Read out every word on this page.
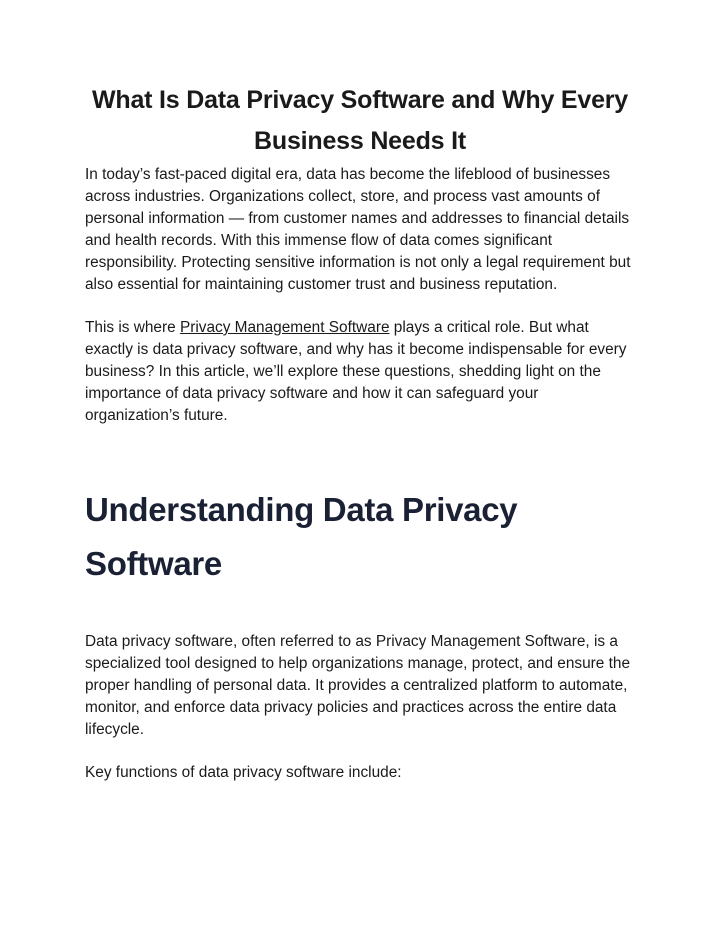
What Is Data Privacy Software and Why Every Business Needs It

In today’s fast-paced digital era, data has become the lifeblood of businesses across industries. Organizations collect, store, and process vast amounts of personal information — from customer names and addresses to financial details and health records. With this immense flow of data comes significant responsibility. Protecting sensitive information is not only a legal requirement but also essential for maintaining customer trust and business reputation.

This is where Privacy Management Software plays a critical role. But what exactly is data privacy software, and why has it become indispensable for every business? In this article, we’ll explore these questions, shedding light on the importance of data privacy software and how it can safeguard your organization’s future.

Understanding Data Privacy Software

Data privacy software, often referred to as Privacy Management Software, is a specialized tool designed to help organizations manage, protect, and ensure the proper handling of personal data. It provides a centralized platform to automate, monitor, and enforce data privacy policies and practices across the entire data lifecycle.

Key functions of data privacy software include:
